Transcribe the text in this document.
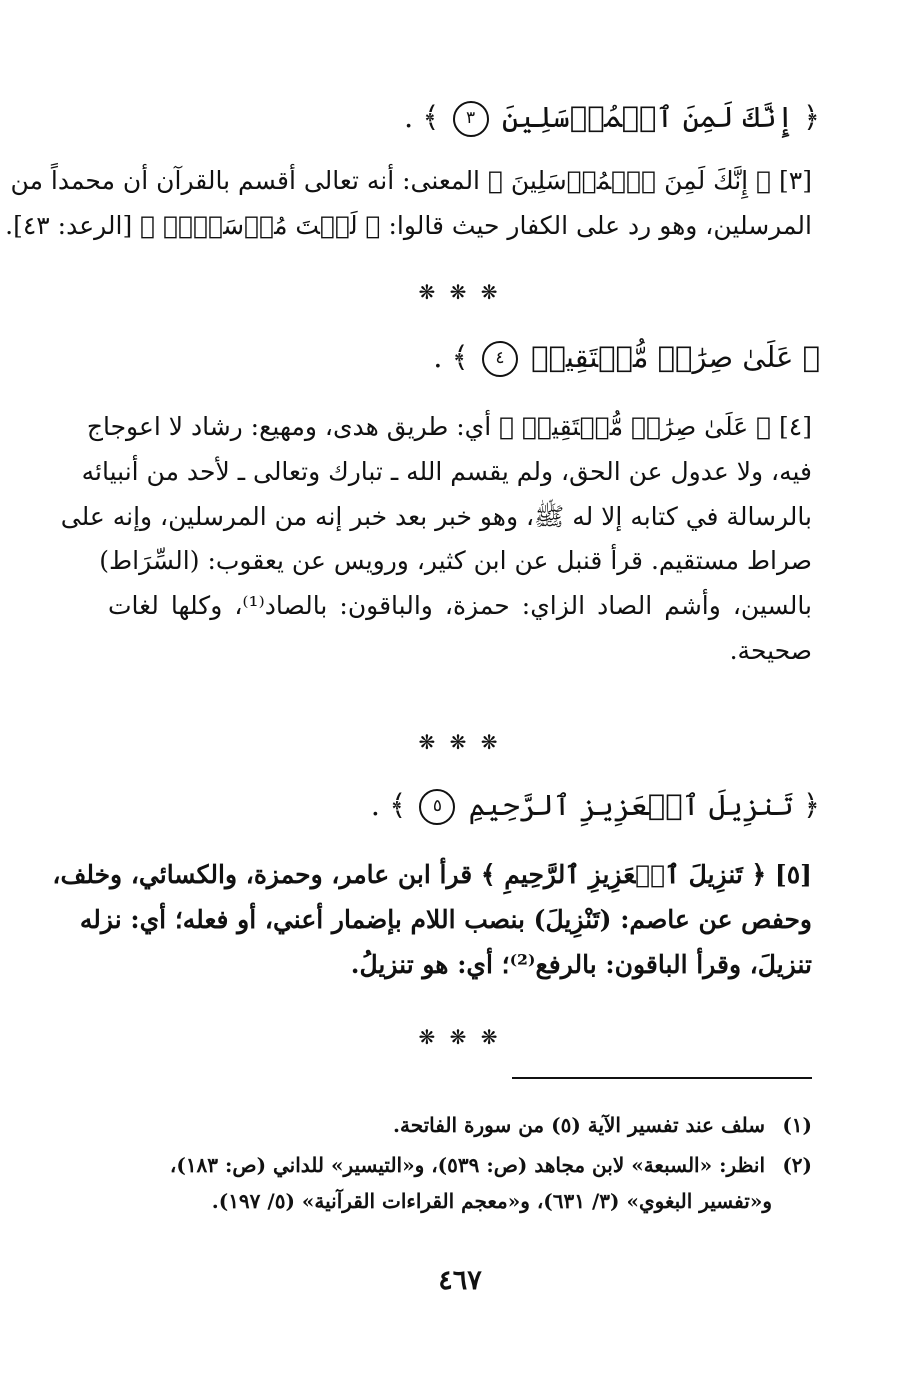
﴿ إِنَّكَ لَمِنَ ٱلۡمُرۡسَلِينَ ٣ ﴾ .
[٣] ﴿ إِنَّكَ لَمِنَ ٱلۡمُرۡسَلِينَ ﴾ المعنى: أنه تعالى أقسم بالقرآن أن محمداً من
المرسلين، وهو رد على الكفار حيث قالوا: ﴿ لَسۡتَ مُرۡسَلٗاۚ ﴾ [الرعد: ٤٣].
❋ ❋ ❋
﴿ عَلَىٰ صِرَٰطٖ مُّسۡتَقِيمٖ ٤ ﴾ .
[٤] ﴿ عَلَىٰ صِرَٰطٖ مُّسۡتَقِيمٖ ﴾ أي: طريق هدى، ومهيع: رشاد لا اعوجاج
فيه، ولا عدول عن الحق، ولم يقسم الله ـ تبارك وتعالى ـ لأحد من أنبيائه
بالرسالة في كتابه إلا له ﷺ، وهو خبر بعد خبر إنه من المرسلين، وإنه على
صراط مستقيم. قرأ قنبل عن ابن كثير، ورويس عن يعقوب: (السِّرَاط)
بالسين، وأشم الصاد الزاي: حمزة، والباقون: بالصاد⁽¹⁾، وكلها لغات
صحيحة.
❋ ❋ ❋
﴿ تَنزِيلَ ٱلۡعَزِيزِ ٱلرَّحِيمِ ٥ ﴾ .
[٥] ﴿ تَنزِيلَ ٱلۡعَزِيزِ ٱلرَّحِيمِ ﴾ قرأ ابن عامر، وحمزة، والكسائي، وخلف،
وحفص عن عاصم: (تَنْزِيلَ) بنصب اللام بإضمار أعني، أو فعله؛ أي: نزله
تنزيلَ، وقرأ الباقون: بالرفع⁽²⁾؛ أي: هو تنزيلُ.
❋ ❋ ❋
(١) سلف عند تفسير الآية (٥) من سورة الفاتحة.
(٢) انظر: «السبعة» لابن مجاهد (ص: ٥٣٩)، و«التيسير» للداني (ص: ١٨٣)،
و«تفسير البغوي» (٣/ ٦٣١)، و«معجم القراءات القرآنية» (٥/ ١٩٧).
٤٦٧
